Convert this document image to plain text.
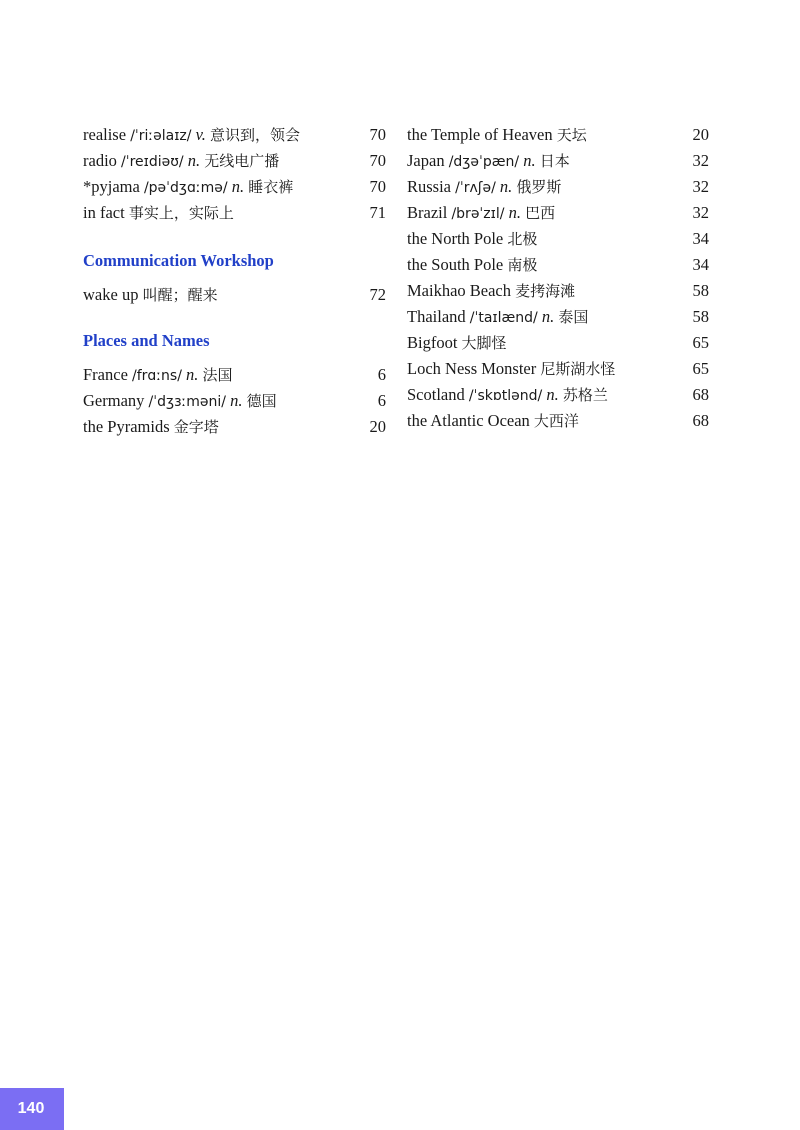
realise /ˈriːəlaɪz/ v. 意识到，领会	70
radio /ˈreɪdiəʊ/ n. 无线电广播	70
*pyjama /pəˈdʒɑːmə/ n. 睡衣裤	70
in fact 事实上，实际上	71
Communication Workshop
wake up 叫醒；醒来	72
Places and Names
France /frɑːns/ n. 法国	6
Germany /ˈdʒɜːməni/ n. 德国	6
the Pyramids 金字塔	20
the Temple of Heaven 天坛	20
Japan /dʒəˈpæn/ n. 日本	32
Russia /ˈrʌʃə/ n. 俄罗斯	32
Brazil /brəˈzɪl/ n. 巴西	32
the North Pole 北极	34
the South Pole 南极	34
Maikhao Beach 麦拷海滩	58
Thailand /ˈtaɪlænd/ n. 泰国	58
Bigfoot 大脚怪	65
Loch Ness Monster 尼斯湖水怪	65
Scotland /ˈskɒtlənd/ n. 苏格兰	68
the Atlantic Ocean 大西洋	68
140
